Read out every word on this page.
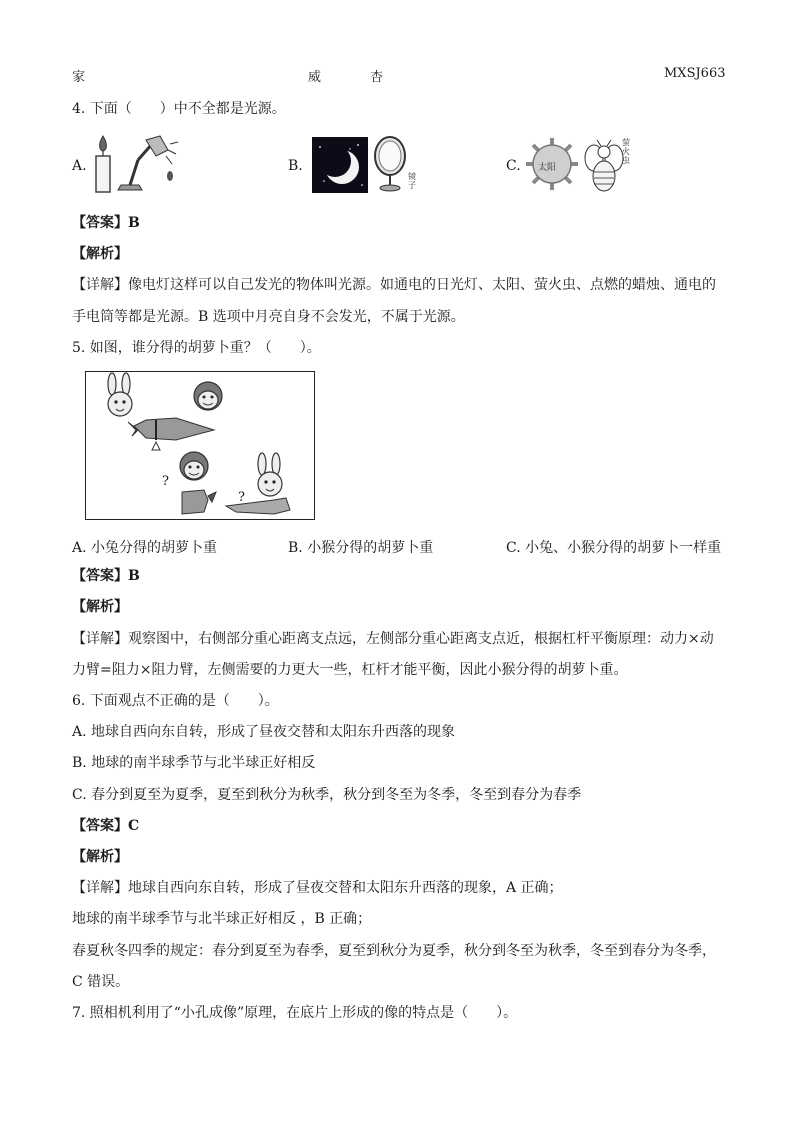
家	威	杏	MXSJ663
4. 下面（　　）中不全都是光源。
A.	B.
镜子
C. 太阳
萤火虫
【答案】B
【解析】
【详解】像电灯这样可以自己发光的物体叫光源。如通电的日光灯、太阳、萤火虫、点燃的蜡烛、通电的
手电筒等都是光源。B 选项中月亮自身不会发光，不属于光源。
5. 如图，谁分得的胡萝卜重？（　　）。
?
?
A. 小兔分得的胡萝卜重	B. 小猴分得的胡萝卜重	C. 小兔、小猴分得的胡萝卜一样重
【答案】B
【解析】
【详解】观察图中，右侧部分重心距离支点远，左侧部分重心距离支点近，根据杠杆平衡原理：动力×动
力臂=阻力×阻力臂，左侧需要的力更大一些，杠杆才能平衡，因此小猴分得的胡萝卜重。
6. 下面观点不正确的是（　　）。
A. 地球自西向东自转，形成了昼夜交替和太阳东升西落的现象
B. 地球的南半球季节与北半球正好相反
C. 春分到夏至为夏季，夏至到秋分为秋季，秋分到冬至为冬季，冬至到春分为春季
【答案】C
【解析】
【详解】地球自西向东自转，形成了昼夜交替和太阳东升西落的现象，A 正确；
地球的南半球季节与北半球正好相反 ，B 正确；
春夏秋冬四季的规定：春分到夏至为春季，夏至到秋分为夏季，秋分到冬至为秋季，冬至到春分为冬季，
C 错误。
7. 照相机利用了“小孔成像”原理，在底片上形成的像的特点是（　　）。
